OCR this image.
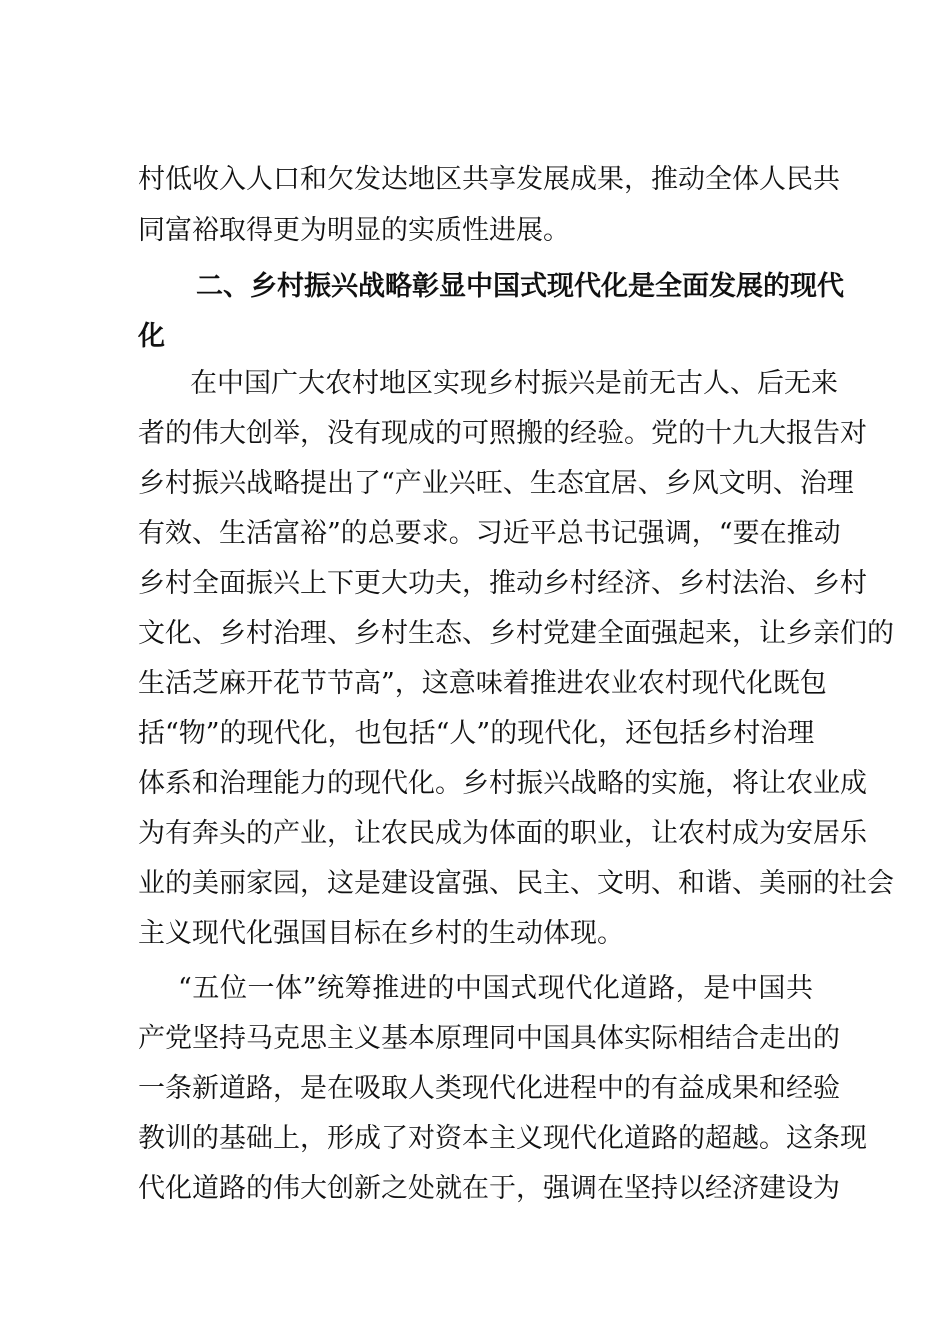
村低收入人口和欠发达地区共享发展成果，推动全体人民共
同富裕取得更为明显的实质性进展。
二、乡村振兴战略彰显中国式现代化是全面发展的现代
化
在中国广大农村地区实现乡村振兴是前无古人、后无来
者的伟大创举，没有现成的可照搬的经验。党的十九大报告对
乡村振兴战略提出了“产业兴旺、生态宜居、乡风文明、治理
有效、生活富裕”的总要求。习近平总书记强调，“要在推动
乡村全面振兴上下更大功夫，推动乡村经济、乡村法治、乡村
文化、乡村治理、乡村生态、乡村党建全面强起来，让乡亲们的
生活芝麻开花节节高”，这意味着推进农业农村现代化既包
括“物”的现代化，也包括“人”的现代化，还包括乡村治理
体系和治理能力的现代化。乡村振兴战略的实施，将让农业成
为有奔头的产业，让农民成为体面的职业，让农村成为安居乐
业的美丽家园，这是建设富强、民主、文明、和谐、美丽的社会
主义现代化强国目标在乡村的生动体现。
“五位一体”统筹推进的中国式现代化道路，是中国共
产党坚持马克思主义基本原理同中国具体实际相结合走出的
一条新道路，是在吸取人类现代化进程中的有益成果和经验
教训的基础上，形成了对资本主义现代化道路的超越。这条现
代化道路的伟大创新之处就在于，强调在坚持以经济建设为
